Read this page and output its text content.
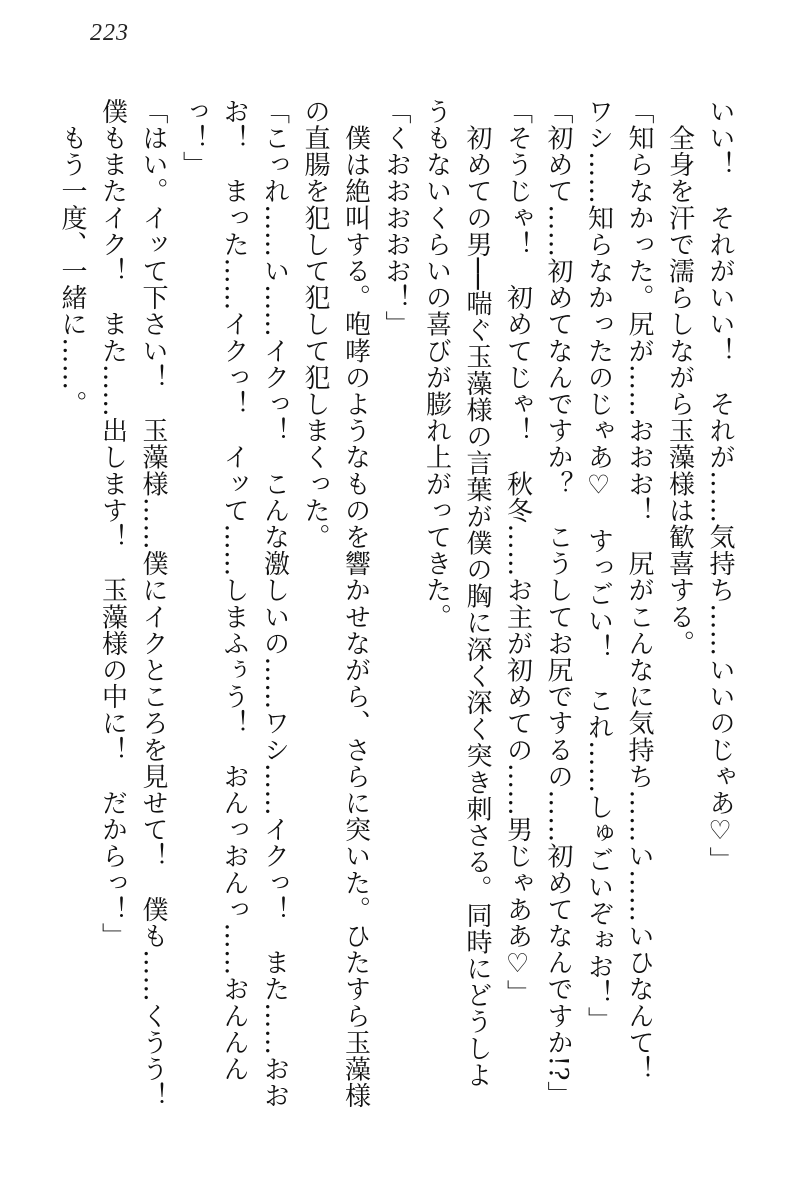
223
いい！　それがいい！　それが……気持ち……いいのじゃあ♡」
　全身を汗で濡らしながら玉藻様は歓喜する。
「知らなかった。尻が……おおお！　尻がこんなに気持ち……い……いひなんて！
ワシ……知らなかったのじゃあ♡　すっごい！　これ……しゅごいぞぉお！」
「初めて……初めてなんですか？　こうしてお尻でするの……初めてなんですか!?」
「そうじゃ！　初めてじゃ！　秋冬……お主が初めての……男じゃああ♡」
　初めての男──喘ぐ玉藻様の言葉が僕の胸に深く深く突き刺さる。同時にどうしよ
うもないくらいの喜びが膨れ上がってきた。
「くおおおおお！」
　僕は絶叫する。咆哮のようなものを響かせながら、さらに突いた。ひたすら玉藻様
の直腸を犯して犯して犯しまくった。
「こっれ……い……イクっ！　こんな激しいの……ワシ……イクっ！　また……おお
お！　まった……イクっ！　イッて……しまふぅう！　おんっおんっ……おんんん
っ！」
「はい。イッて下さい！　玉藻様……僕にイクところを見せて！　僕も……くうう！
僕もまたイク！　また……出します！　玉藻様の中に！　だからっ！」
　もう一度、一緒に……。
